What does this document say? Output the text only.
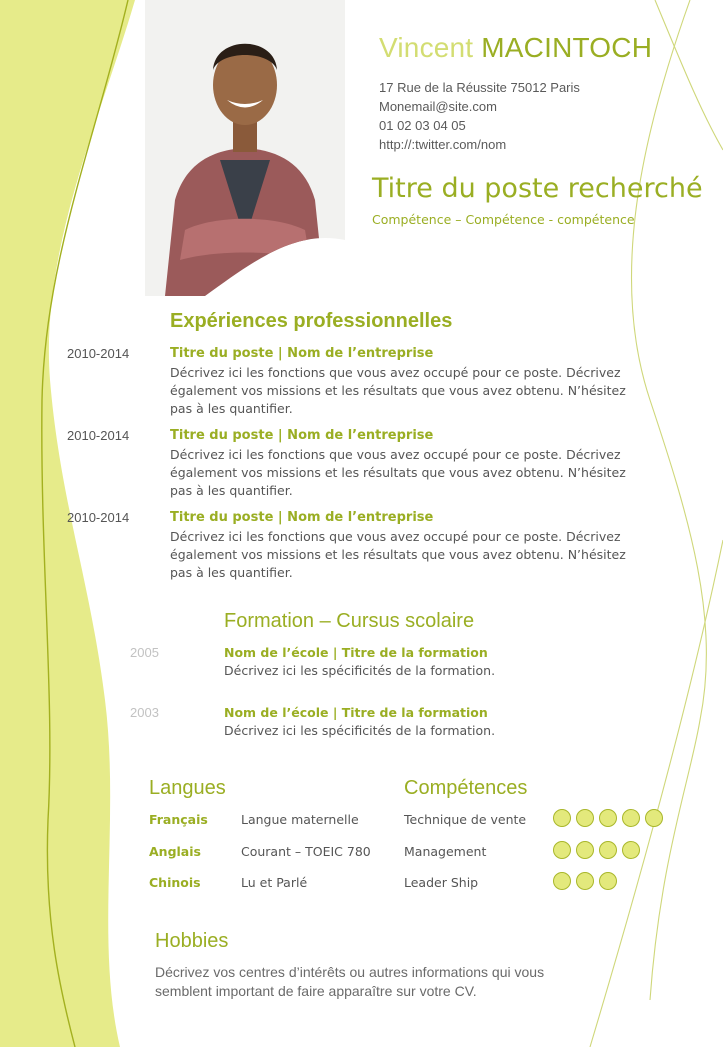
Vincent MACINTOCH
17 Rue de la Réussite 75012 Paris
Monemail@site.com
01 02 03 04 05
http://:twitter.com/nom
Titre du poste recherché
Compétence – Compétence - compétence
Expériences professionnelles
2010-2014	Titre du poste | Nom de l’entreprise
Décrivez ici les fonctions que vous avez occupé pour ce poste. Décrivez également vos missions et les résultats que vous avez obtenu. N’hésitez pas à les quantifier.
2010-2014	Titre du poste | Nom de l’entreprise
Décrivez ici les fonctions que vous avez occupé pour ce poste. Décrivez également vos missions et les résultats que vous avez obtenu. N’hésitez pas à les quantifier.
2010-2014	Titre du poste | Nom de l’entreprise
Décrivez ici les fonctions que vous avez occupé pour ce poste. Décrivez également vos missions et les résultats que vous avez obtenu. N’hésitez pas à les quantifier.
Formation – Cursus scolaire
2005	Nom de l’école | Titre de la formation
Décrivez ici les spécificités de la formation.
2003	Nom de l’école | Titre de la formation
Décrivez ici les spécificités de la formation.
Langues	Compétences
Français	Langue maternelle	Technique de vente
Anglais	Courant – TOEIC 780	Management
Chinois	Lu et Parlé	Leader Ship
Hobbies
Décrivez vos centres d’intérêts ou autres informations qui vous semblent important de faire apparaître sur votre CV.
